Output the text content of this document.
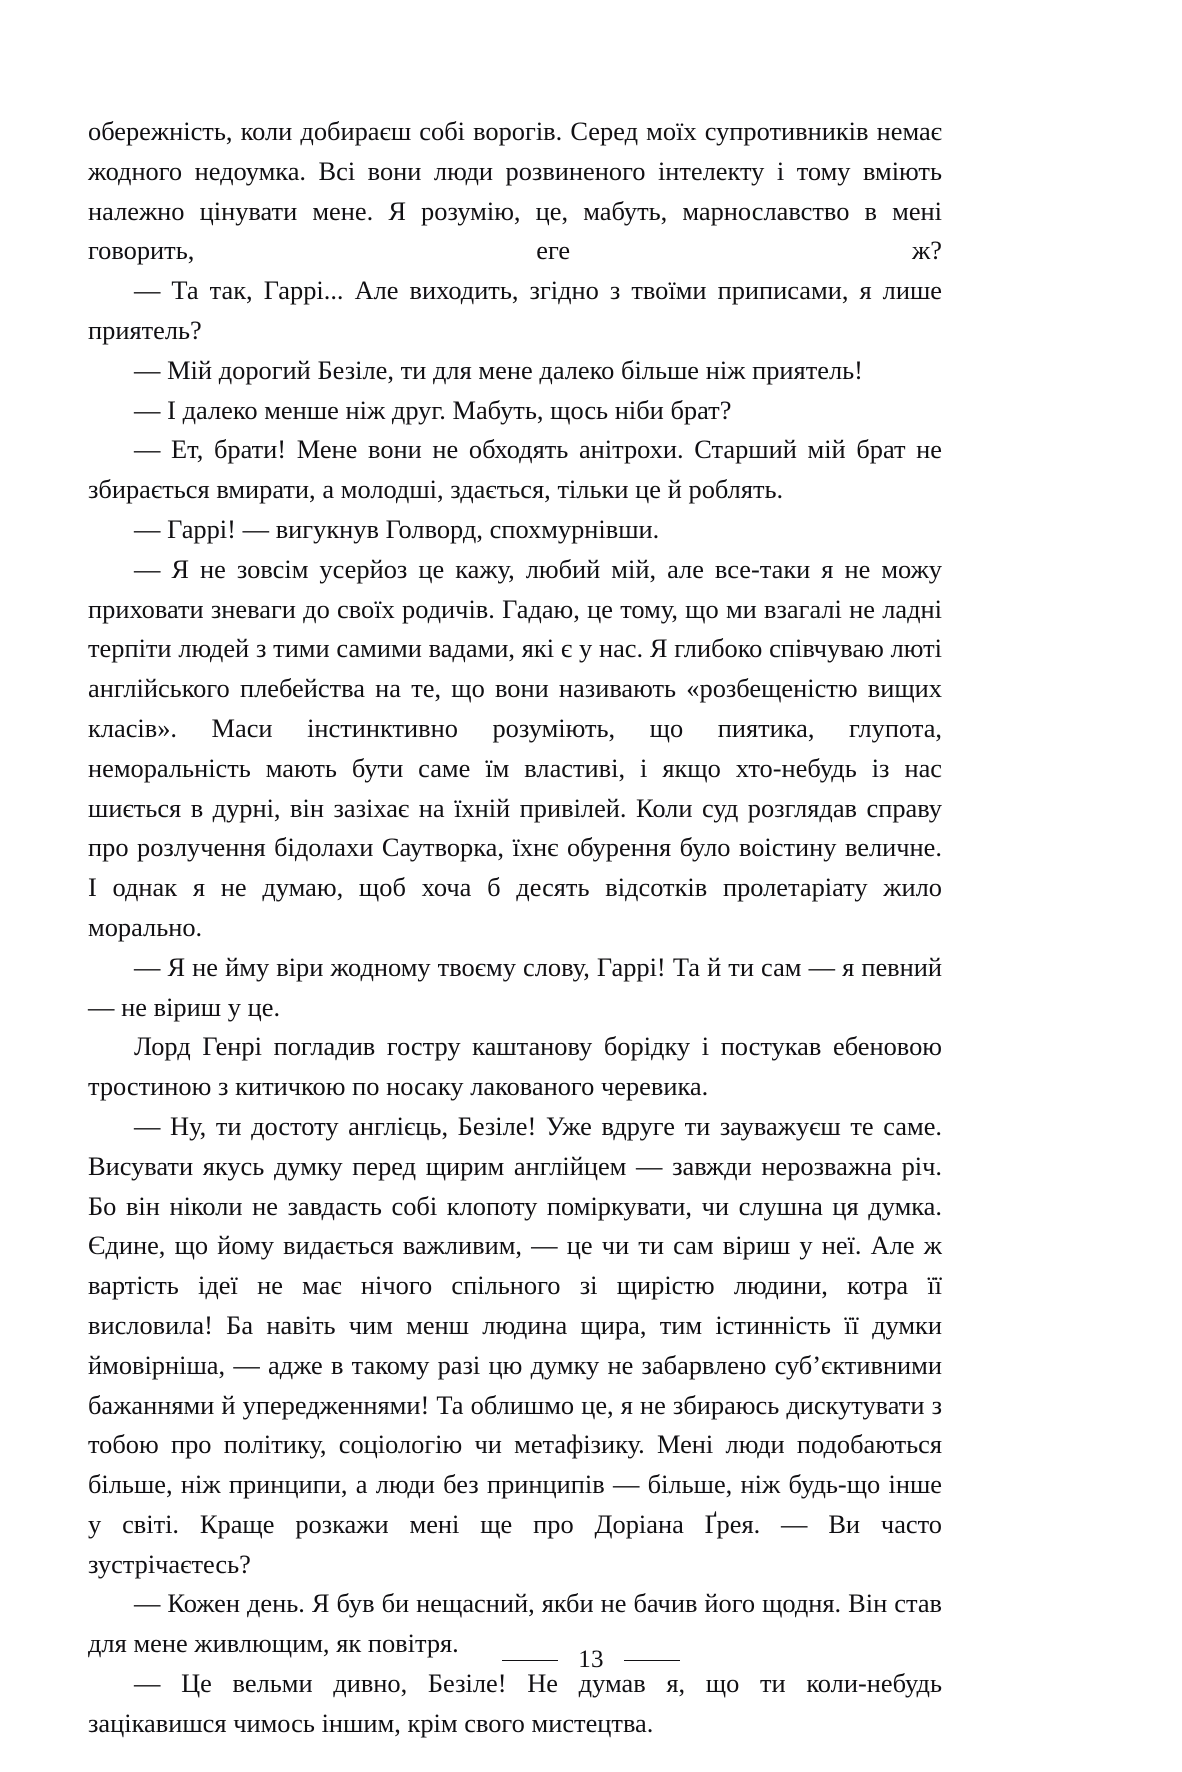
обережність, коли добираєш собі ворогів. Серед моїх супротивників немає жодного недоумка. Всі вони люди розвиненого інтелекту і тому вміють належно цінувати мене. Я розумію, це, мабуть, марнославство в мені говорить, еге ж?

— Та так, Гаррі... Але виходить, згідно з твоїми приписами, я лише приятель?

— Мій дорогий Безіле, ти для мене далеко більше ніж приятель!

— І далеко менше ніж друг. Мабуть, щось ніби брат?

— Ет, брати! Мене вони не обходять анітрохи. Старший мій брат не збирається вмирати, а молодші, здається, тільки це й роблять.

— Гаррі! — вигукнув Голворд, спохмурнівши.

— Я не зовсім усерйоз це кажу, любий мій, але все-таки я не можу приховати зневаги до своїх родичів. Гадаю, це тому, що ми взагалі не ладні терпіти людей з тими самими вадами, які є у нас. Я глибоко співчуваю люті англійського плебейства на те, що вони називають «розбещеністю вищих класів». Маси інстинктивно розуміють, що пиятика, глупота, неморальність мають бути саме їм властиві, і якщо хто-небудь із нас шиється в дурні, він зазіхає на їхній привілей. Коли суд розглядав справу про розлучення бідолахи Саутворка, їхнє обурення було воістину величне. І однак я не думаю, щоб хоча б десять відсотків пролетаріату жило морально.

— Я не йму віри жодному твоєму слову, Гаррі! Та й ти сам — я певний — не віриш у це.

Лорд Генрі погладив гостру каштанову борідку і постукав ебеновою тростиною з китичкою по носаку лакованого черевика.

— Ну, ти достоту англієць, Безіле! Уже вдруге ти зауважуєш те саме. Висувати якусь думку перед щирим англійцем — завжди нерозважна річ. Бо він ніколи не завдасть собі клопоту поміркувати, чи слушна ця думка. Єдине, що йому видається важливим, — це чи ти сам віриш у неї. Але ж вартість ідеї не має нічого спільного зі щирістю людини, котра її висловила! Ба навіть чим менш людина щира, тим істинність її думки ймовірніша, — адже в такому разі цю думку не забарвлено суб’єктивними бажаннями й упередженнями! Та облишмо це, я не збираюсь дискутувати з тобою про політику, соціологію чи метафізику. Мені люди подобаються більше, ніж принципи, а люди без принципів — більше, ніж будь-що інше у світі. Краще розкажи мені ще про Доріана Ґрея. — Ви часто зустрічаєтесь?

— Кожен день. Я був би нещасний, якби не бачив його щодня. Він став для мене живлющим, як повітря.

— Це вельми дивно, Безіле! Не думав я, що ти коли-небудь зацікавишся чимось іншим, крім свого мистецтва.

13
